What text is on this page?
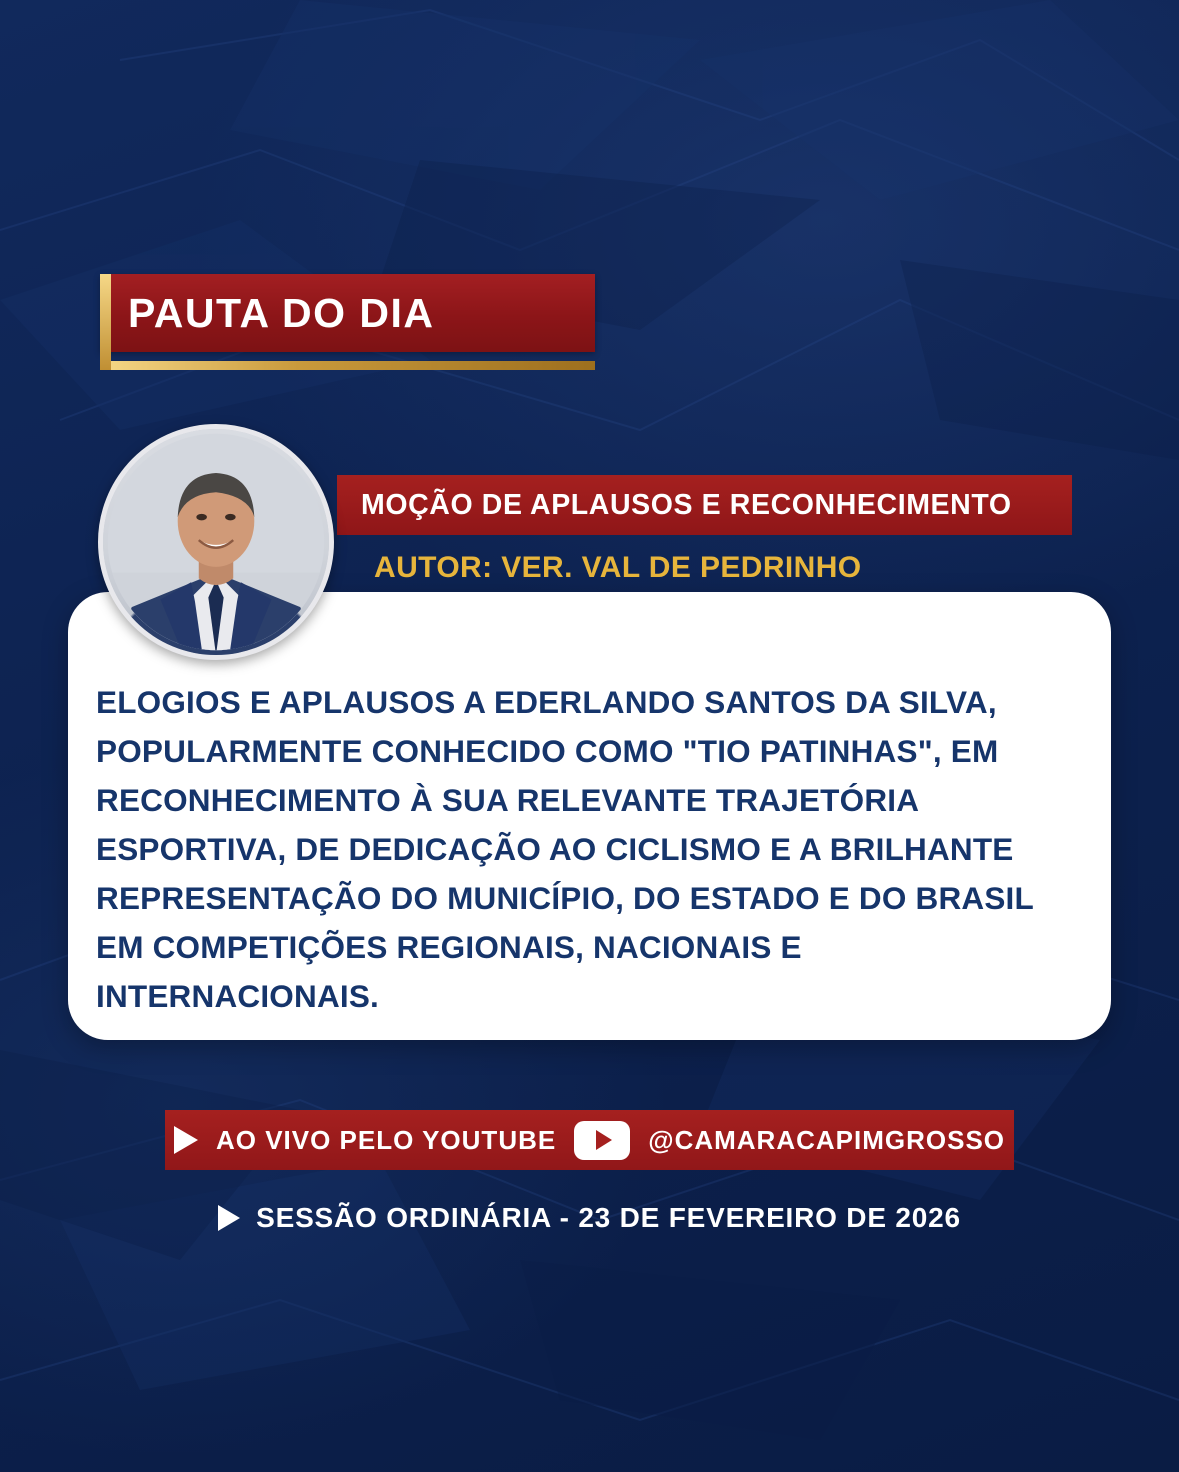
PAUTA DO DIA
MOÇÃO DE APLAUSOS E RECONHECIMENTO
AUTOR: VER. VAL DE PEDRINHO

ELOGIOS E APLAUSOS A EDERLANDO SANTOS DA SILVA, POPULARMENTE CONHECIDO COMO "TIO PATINHAS", EM RECONHECIMENTO À SUA RELEVANTE TRAJETÓRIA ESPORTIVA, DE DEDICAÇÃO AO CICLISMO E A BRILHANTE REPRESENTAÇÃO DO MUNICÍPIO, DO ESTADO E DO BRASIL EM COMPETIÇÕES REGIONAIS, NACIONAIS E INTERNACIONAIS.

AO VIVO PELO YOUTUBE	@CAMARACAPIMGROSSO
SESSÃO ORDINÁRIA - 23 DE FEVEREIRO DE 2026
